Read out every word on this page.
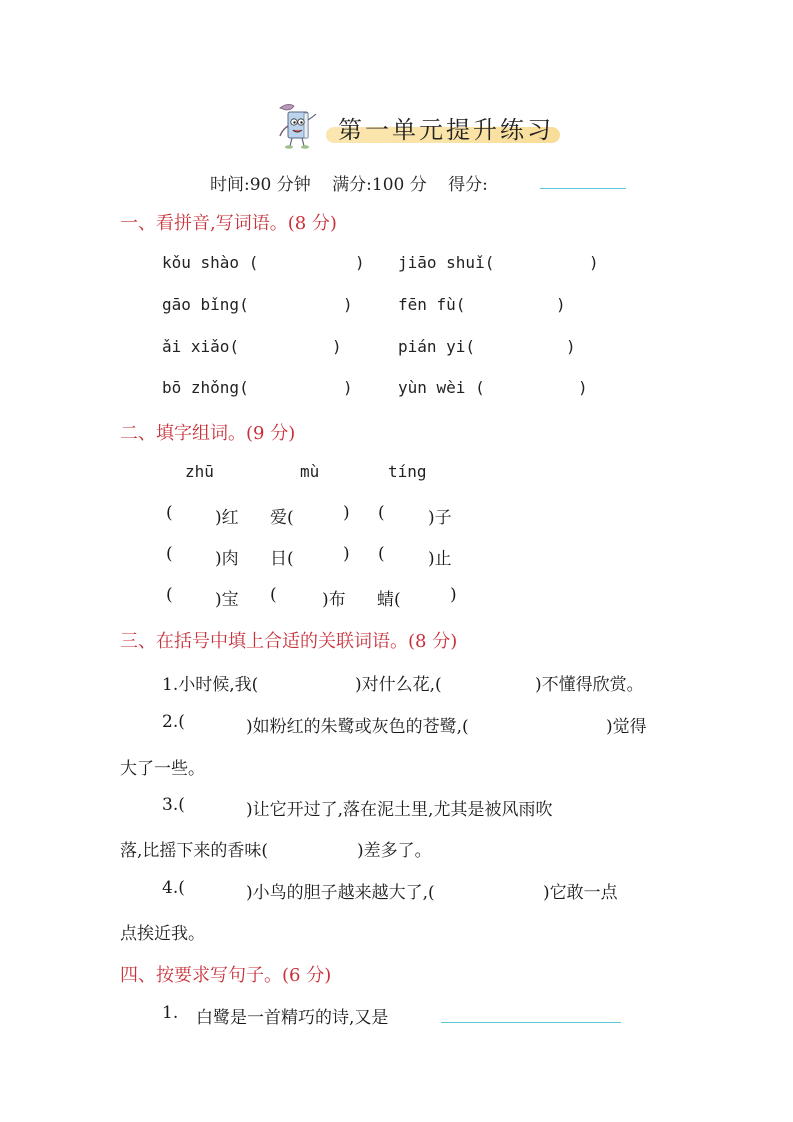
第一单元提升练习
时间:90 分钟 满分:100 分 得分:
一、看拼音,写词语。(8 分)
kǒu shào (	) jiāo shuǐ(	)
gāo bǐng(	)	fēn fù(	)
ǎi xiǎo(	)	pián yi(	)
bō zhǒng(	)	yùn wèi (	)
二、填字组词。(9 分)
zhū	mù	tíng
( )红 爱(	) (	)子
( )肉 日(	) (	)止
( )宝 (	)布 蜻(	)
三、在括号中填上合适的关联词语。(8 分)
1.小时候,我(	)对什么花,(	)不懂得欣赏。
2.(	)如粉红的朱鹭或灰色的苍鹭,(	)觉得
大了一些。
3.(	)让它开过了,落在泥土里,尤其是被风雨吹
落,比摇下来的香味(	)差多了。
4.(	)小鸟的胆子越来越大了,(	)它敢一点
点挨近我。
四、按要求写句子。(6 分)
1. 白鹭是一首精巧的诗,又是
